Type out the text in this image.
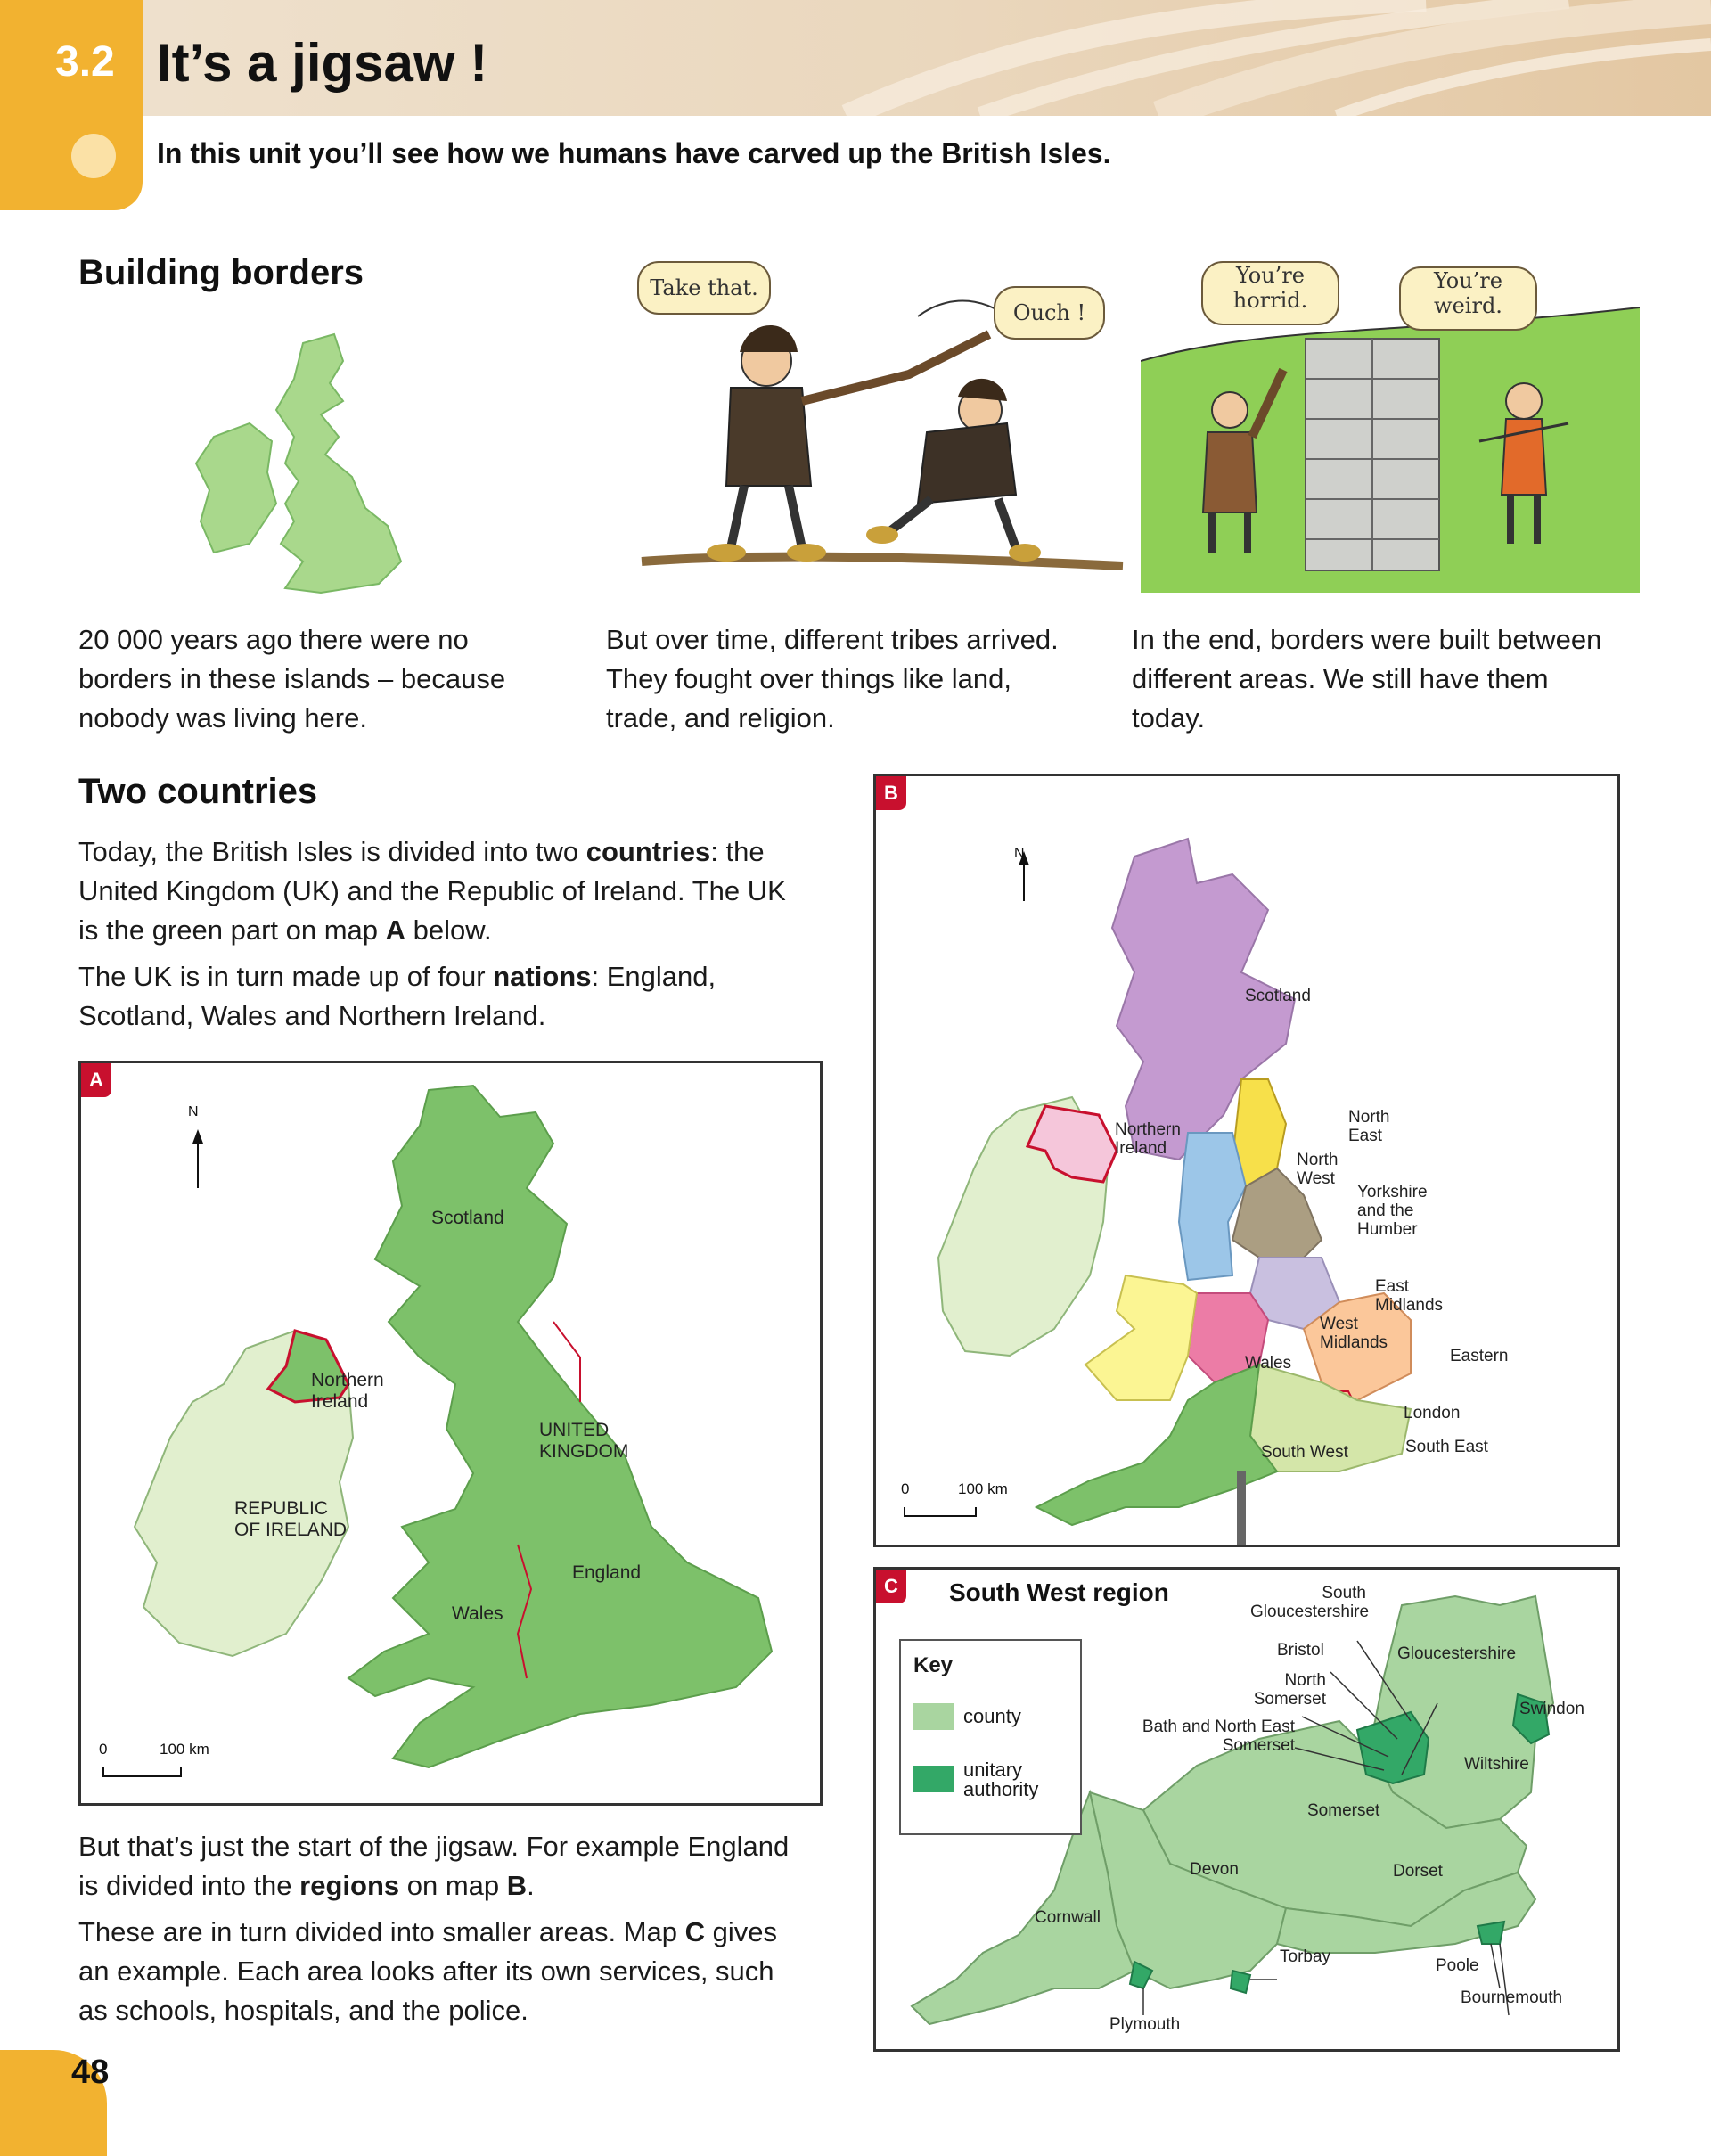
3.2 It’s a jigsaw !
In this unit you’ll see how we humans have carved up the British Isles.
Building borders	Take that.
Ouch !
You’re horrid.
You’re weird.
20 000 years ago there were no borders in these islands – because nobody was living here.
But over time, different tribes arrived. They fought over things like land, trade, and religion.
In the end, borders were built between different areas. We still have them today.
Two countries

Today, the British Isles is divided into two countries: the United Kingdom (UK) and the Republic of Ireland. The UK is the green part on map A below.

The UK is in turn made up of four nations: England, Scotland, Wales and Northern Ireland.

A
N
0	100 km
Scotland
Northern Ireland
UNITED KINGDOM
REPUBLIC OF IRELAND
England
Wales

But that’s just the start of the jigsaw. For example England is divided into the regions on map B.

These are in turn divided into smaller areas. Map C gives an example. Each area looks after its own services, such as schools, hospitals, and the police.

B
N
0	100 km
Scotland
Northern Ireland
North East
North West
Yorkshire and the Humber
East Midlands
West Midlands
Wales	Eastern
London
South East
South West
C	South West region
Key
county
unitary authority
South Gloucestershire
Bristol	Gloucestershire
North Somerset
Bath and North East Somerset
Swindon
Wiltshire
Somerset
Devon	Dorset
Cornwall
Torbay	Poole
Bournemouth
Plymouth
48
